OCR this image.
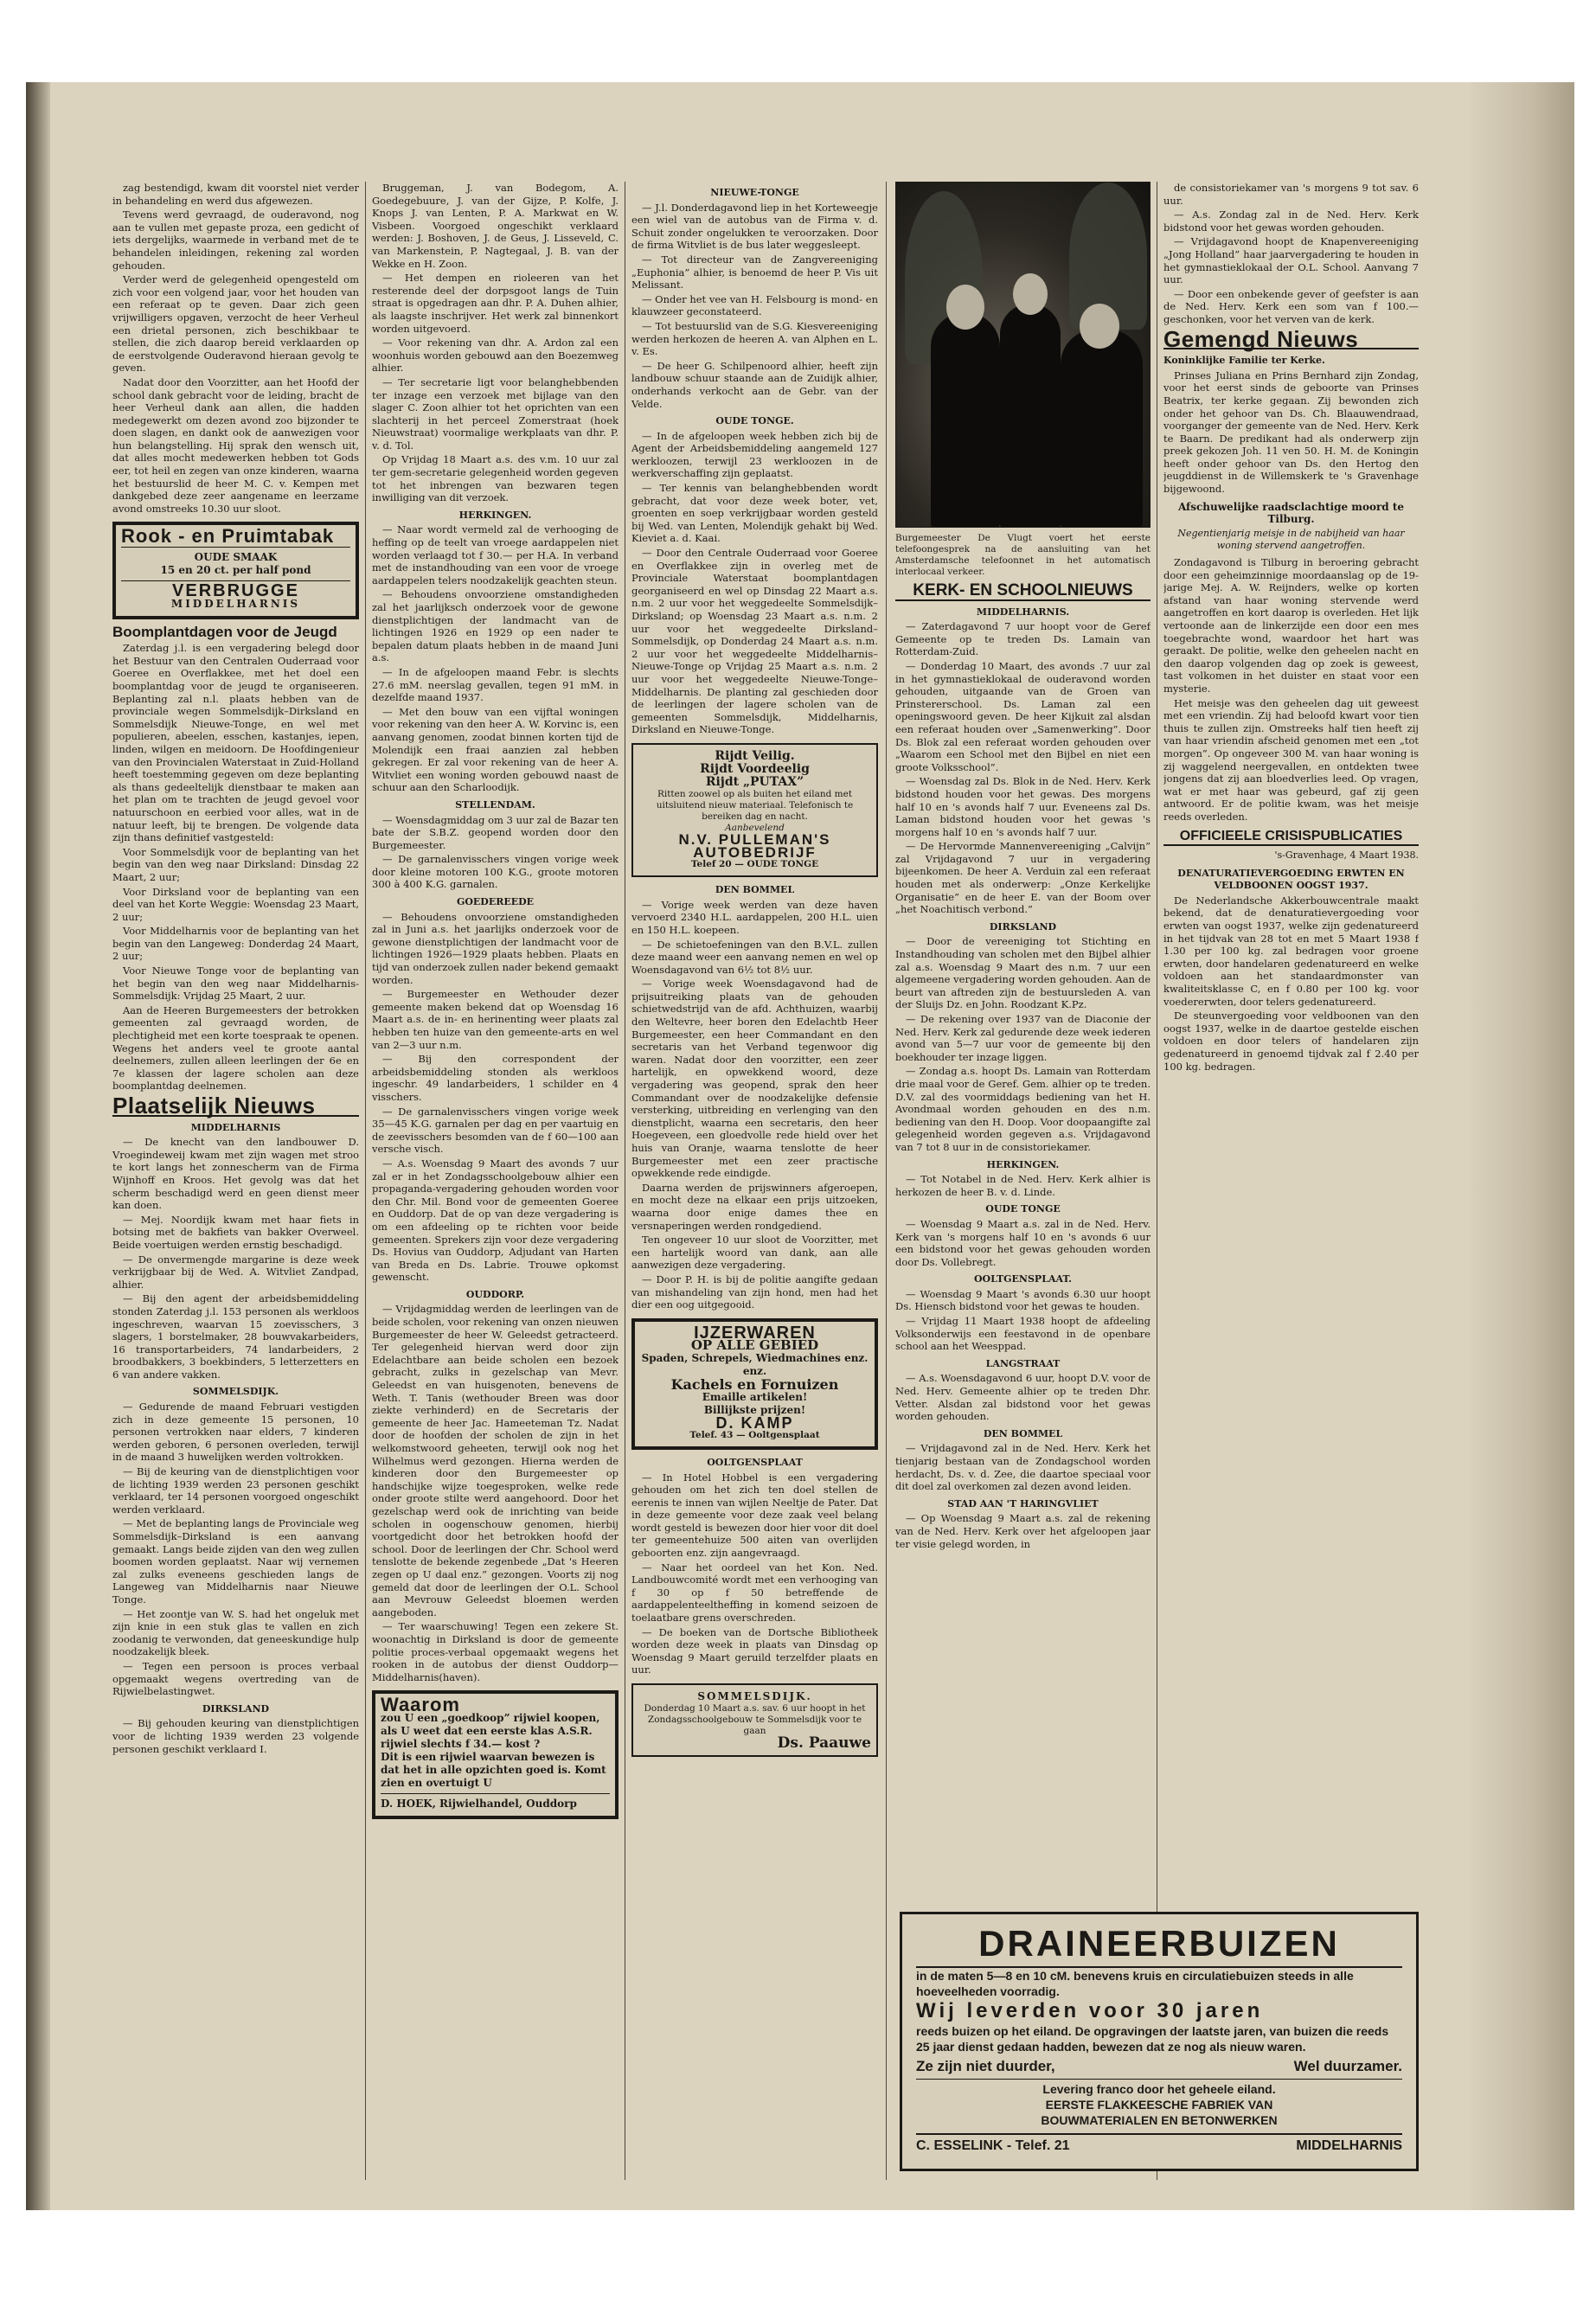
zag bestendigd, kwam dit voorstel niet verder in behandeling en werd dus afgewezen.

Tevens werd gevraagd, de ouderavond, nog aan te vullen met gepaste proza, een gedicht of iets dergelijks, waarmede in verband met de te behandelen inleidingen, rekening zal worden gehouden.

Verder werd de gelegenheid opengesteld om zich voor een volgend jaar, voor het houden van een referaat op te geven. Daar zich geen vrijwilligers opgaven, verzocht de heer Verheul een drietal personen, zich beschikbaar te stellen, die zich daarop bereid verklaarden op de eerstvolgende Ouderavond hieraan gevolg te geven.

Nadat door den Voorzitter, aan het Hoofd der school dank gebracht voor de leiding, bracht de heer Verheul dank aan allen, die hadden medegewerkt om dezen avond zoo bijzonder te doen slagen, en dankt ook de aanwezigen voor hun belangstelling. Hij sprak den wensch uit, dat alles mocht medewerken hebben tot Gods eer, tot heil en zegen van onze kinderen, waarna het bestuurslid de heer M. C. v. Kempen met dankgebed deze zeer aangename en leerzame avond omstreeks 10.30 uur sloot.

Rook - en Pruimtabak
OUDE SMAAK
15 en 20 ct. per half pond
VERBRUGGE
MIDDELHARNIS
Boomplantdagen voor de Jeugd

Zaterdag j.l. is een vergadering belegd door het Bestuur van den Centralen Ouderraad voor Goeree en Overflakkee, met het doel een boomplantdag voor de jeugd te organiseeren. Beplanting zal n.l. plaats hebben van de provinciale wegen Sommelsdijk–Dirksland en Sommelsdijk Nieuwe-Tonge, en wel met populieren, abeelen, esschen, kastanjes, iepen, linden, wilgen en meidoorn. De Hoofdingenieur van den Provincialen Waterstaat in Zuid-Holland heeft toestemming gegeven om deze beplanting als thans gedeeltelijk dienstbaar te maken aan het plan om te trachten de jeugd gevoel voor natuurschoon en eerbied voor alles, wat in de natuur leeft, bij te brengen. De volgende data zijn thans definitief vastgesteld:

Voor Sommelsdijk voor de beplanting van het begin van den weg naar Dirksland: Dinsdag 22 Maart, 2 uur;

Voor Dirksland voor de beplanting van een deel van het Korte Weggie: Woensdag 23 Maart, 2 uur;

Voor Middelharnis voor de beplanting van het begin van den Langeweg: Donderdag 24 Maart, 2 uur;

Voor Nieuwe Tonge voor de beplanting van het begin van den weg naar Middelharnis-Sommelsdijk: Vrijdag 25 Maart, 2 uur.

Aan de Heeren Burgemeesters der betrokken gemeenten zal gevraagd worden, de plechtigheid met een korte toespraak te openen. Wegens het anders veel te groote aantal deelnemers, zullen alleen leerlingen der 6e en 7e klassen der lagere scholen aan deze boomplantdag deelnemen.

Plaatselijk Nieuws
MIDDELHARNIS

— De knecht van den landbouwer D. Vroegindeweij kwam met zijn wagen met stroo te kort langs het zonnescherm van de Firma Wijnhoff en Kroos. Het gevolg was dat het scherm beschadigd werd en geen dienst meer kan doen.

— Mej. Noordijk kwam met haar fiets in botsing met de bakfiets van bakker Overweel. Beide voertuigen werden ernstig beschadigd.

— De onvermengde margarine is deze week verkrijgbaar bij de Wed. A. Witvliet Zandpad, alhier.

— Bij den agent der arbeidsbemiddeling stonden Zaterdag j.l. 153 personen als werkloos ingeschreven, waarvan 15 zoevisschers, 3 slagers, 1 borstelmaker, 28 bouwvakarbeiders, 16 transportarbeiders, 74 landarbeiders, 2 broodbakkers, 3 boekbinders, 5 letterzetters en 6 van andere vakken.

SOMMELSDIJK.

— Gedurende de maand Februari vestigden zich in deze gemeente 15 personen, 10 personen vertrokken naar elders, 7 kinderen werden geboren, 6 personen overleden, terwijl in de maand 3 huwelijken werden voltrokken.

— Bij de keuring van de dienstplichtigen voor de lichting 1939 werden 23 personen geschikt verklaard, ter 14 personen voorgoed ongeschikt werden verklaard.

— Met de beplanting langs de Provinciale weg Sommelsdijk–Dirksland is een aanvang gemaakt. Langs beide zijden van den weg zullen boomen worden geplaatst. Naar wij vernemen zal zulks eveneens geschieden langs de Langeweg van Middelharnis naar Nieuwe Tonge.

— Het zoontje van W. S. had het ongeluk met zijn knie in een stuk glas te vallen en zich zoodanig te verwonden, dat geneeskundige hulp noodzakelijk bleek.

— Tegen een persoon is proces verbaal opgemaakt wegens overtreding van de Rijwielbelastingwet.

DIRKSLAND

— Bij gehouden keuring van dienstplichtigen voor de lichting 1939 werden 23 volgende personen geschikt verklaard I.

Bruggeman, J. van Bodegom, A. Goedegebuure, J. van der Gijze, P. Kolfe, J. Knops J. van Lenten, P. A. Markwat en W. Visbeen. Voorgoed ongeschikt verklaard werden: J. Boshoven, J. de Geus, J. Lisseveld, C. van Markenstein, P. Nagtegaal, J. B. van der Wekke en H. Zoon.

— Het dempen en rioleeren van het resterende deel der dorpsgoot langs de Tuin straat is opgedragen aan dhr. P. A. Duhen alhier, als laagste inschrijver. Het werk zal binnenkort worden uitgevoerd.

— Voor rekening van dhr. A. Ardon zal een woonhuis worden gebouwd aan den Boezemweg alhier.

— Ter secretarie ligt voor belanghebbenden ter inzage een verzoek met bijlage van den slager C. Zoon alhier tot het oprichten van een slachterij in het perceel Zomerstraat (hoek Nieuwstraat) voormalige werkplaats van dhr. P. v. d. Tol.

Op Vrijdag 18 Maart a.s. des v.m. 10 uur zal ter gem-secretarie gelegenheid worden gegeven tot het inbrengen van bezwaren tegen inwilliging van dit verzoek.

HERKINGEN.

— Naar wordt vermeld zal de verhooging de heffing op de teelt van vroege aardappelen niet worden verlaagd tot f 30.— per H.A. In verband met de instandhouding van een voor de vroege aardappelen telers noodzakelijk geachten steun.

— Behoudens onvoorziene omstandigheden zal het jaarlijksch onderzoek voor de gewone dienstplichtigen der landmacht van de lichtingen 1926 en 1929 op een nader te bepalen datum plaats hebben in de maand Juni a.s.

— In de afgeloopen maand Febr. is slechts 27.6 mM. neerslag gevallen, tegen 91 mM. in dezelfde maand 1937.

— Met den bouw van een vijftal woningen voor rekening van den heer A. W. Korvinc is, een aanvang genomen, zoodat binnen korten tijd de Molendijk een fraai aanzien zal hebben gekregen. Er zal voor rekening van de heer A. Witvliet een woning worden gebouwd naast de schuur aan den Scharloodijk.

STELLENDAM.

— Woensdagmiddag om 3 uur zal de Bazar ten bate der S.B.Z. geopend worden door den Burgemeester.

— De garnalenvisschers vingen vorige week door kleine motoren 100 K.G., groote motoren 300 à 400 K.G. garnalen.

GOEDEREEDE

— Behoudens onvoorziene omstandigheden zal in Juni a.s. het jaarlijks onderzoek voor de gewone dienstplichtigen der landmacht voor de lichtingen 1926—1929 plaats hebben. Plaats en tijd van onderzoek zullen nader bekend gemaakt worden.

— Burgemeester en Wethouder dezer gemeente maken bekend dat op Woensdag 16 Maart a.s. de in- en herinenting weer plaats zal hebben ten huize van den gemeente-arts en wel van 2—3 uur n.m.

— Bij den correspondent der arbeidsbemiddeling stonden als werkloos ingeschr. 49 landarbeiders, 1 schilder en 4 visschers.

— De garnalenvisschers vingen vorige week 35—45 K.G. garnalen per dag en per vaartuig en de zeevisschers besomden van de f 60—100 aan versche visch.

— A.s. Woensdag 9 Maart des avonds 7 uur zal er in het Zondagsschoolgebouw alhier een propaganda-vergadering gehouden worden voor den Chr. Mil. Bond voor de gemeenten Goeree en Ouddorp. Dat de op van deze vergadering is om een afdeeling op te richten voor beide gemeenten. Sprekers zijn voor deze vergadering Ds. Hovius van Ouddorp, Adjudant van Harten van Breda en Ds. Labrie. Trouwe opkomst gewenscht.

OUDDORP.

— Vrijdagmiddag werden de leerlingen van de beide scholen, voor rekening van onzen nieuwen Burgemeester de heer W. Geleedst getracteerd. Ter gelegenheid hiervan werd door zijn Edelachtbare aan beide scholen een bezoek gebracht, zulks in gezelschap van Mevr. Geleedst en van huisgenoten, benevens de Weth. T. Tanis (wethouder Breen was door ziekte verhinderd) en de Secretaris der gemeente de heer Jac. Hameeteman Tz. Nadat door de hoofden der scholen de zijn in het welkomstwoord geheeten, terwijl ook nog het Wilhelmus werd gezongen. Hierna werden de kinderen door den Burgemeester op handschijke wijze toegesproken, welke rede onder groote stilte werd aangehoord. Door het gezelschap werd ook de inrichting van beide scholen in oogenschouw genomen, hierbij voortgedicht door het betrokken hoofd der school. Door de leerlingen der Chr. School werd tenslotte de bekende zegenbede „Dat 's Heeren zegen op U daal enz.” gezongen. Voorts zij nog gemeld dat door de leerlingen der O.L. School aan Mevrouw Geleedst bloemen werden aangeboden.

— Ter waarschuwing! Tegen een zekere St. woonachtig in Dirksland is door de gemeente politie proces-verbaal opgemaakt wegens het rooken in de autobus der dienst Ouddorp—Middelharnis(haven).

Waarom
zou U een „goedkoop” rijwiel koopen, als U weet dat een eerste klas A.S.R. rijwiel slechts f 34.— kost ?
Dit is een rijwiel waarvan bewezen is dat het in alle opzichten goed is. Komt zien en overtuigt U
D. HOEK, Rijwielhandel, Ouddorp
NIEUWE-TONGE

— J.l. Donderdagavond liep in het Korteweegje een wiel van de autobus van de Firma v. d. Schuit zonder ongelukken te veroorzaken. Door de firma Witvliet is de bus later weggesleept.

— Tot directeur van de Zangvereeniging „Euphonia” alhier, is benoemd de heer P. Vis uit Melissant.

— Onder het vee van H. Felsbourg is mond- en klauwzeer geconstateerd.

— Tot bestuurslid van de S.G. Kiesvereeniging werden herkozen de heeren A. van Alphen en L. v. Es.

— De heer G. Schilpenoord alhier, heeft zijn landbouw schuur staande aan de Zuidijk alhier, onderhands verkocht aan de Gebr. van der Velde.

OUDE TONGE.

— In de afgeloopen week hebben zich bij de Agent der Arbeidsbemiddeling aangemeld 127 werkloozen, terwijl 23 werkloozen in de werkverschaffing zijn geplaatst.

— Ter kennis van belanghebbenden wordt gebracht, dat voor deze week boter, vet, groenten en soep verkrijgbaar worden gesteld bij Wed. van Lenten, Molendijk gehakt bij Wed. Kieviet a. d. Kaai.

— Door den Centrale Ouderraad voor Goeree en Overflakkee zijn in overleg met de Provinciale Waterstaat boomplantdagen georganiseerd en wel op Dinsdag 22 Maart a.s. n.m. 2 uur voor het weggedeelte Sommelsdijk–Dirksland; op Woensdag 23 Maart a.s. n.m. 2 uur voor het weggedeelte Dirksland–Sommelsdijk, op Donderdag 24 Maart a.s. n.m. 2 uur voor het weggedeelte Middelharnis–Nieuwe-Tonge op Vrijdag 25 Maart a.s. n.m. 2 uur voor het weggedeelte Nieuwe-Tonge–Middelharnis. De planting zal geschieden door de leerlingen der lagere scholen van de gemeenten Sommelsdijk, Middelharnis, Dirksland en Nieuwe-Tonge.

Rijdt Veilig.
Rijdt Voordeelig
Rijdt „PUTAX”
Ritten zoowel op als buiten het eiland met uitsluitend nieuw materiaal. Telefonisch te bereiken dag en nacht.
Aanbevelend
N.V. PULLEMAN'S
AUTOBEDRIJF
Telef 20 — OUDE TONGE
DEN BOMMEL

— Vorige week werden van deze haven vervoerd 2340 H.L. aardappelen, 200 H.L. uien en 150 H.L. koepeen.

— De schietoefeningen van den B.V.L. zullen deze maand weer een aanvang nemen en wel op Woensdagavond van 6½ tot 8½ uur.

— Vorige week Woensdagavond had de prijsuitreiking plaats van de gehouden schietwedstrijd van de afd. Achthuizen, waarbij den Weltevre, heer boren den Edelachtb Heer Burgemeester, een heer Commandant en den secretaris van het Verband tegenwoor dig waren. Nadat door den voorzitter, een zeer hartelijk, en opwekkend woord, deze vergadering was geopend, sprak den heer Commandant over de noodzakelijke defensie versterking, uitbreiding en verlenging van den dienstplicht, waarna een secretaris, den heer Hoegeveen, een gloedvolle rede hield over het huis van Oranje, waarna tenslotte de heer Burgemeester met een zeer practische opwekkende rede eindigde.

Daarna werden de prijswinners afgeroepen, en mocht deze na elkaar een prijs uitzoeken, waarna door enige dames thee en versnaperingen werden rondgediend.

Ten ongeveer 10 uur sloot de Voorzitter, met een hartelijk woord van dank, aan alle aanwezigen deze vergadering.

— Door P. H. is bij de politie aangifte gedaan van mishandeling van zijn hond, men had het dier een oog uitgegooid.

IJZERWAREN
OP ALLE GEBIED
Spaden, Schrepels, Wiedmachines enz. enz.
Kachels en Fornuizen
Emaille artikelen!
Billijkste prijzen!
D. KAMP
Telef. 43 — Ooltgensplaat
OOLTGENSPLAAT

— In Hotel Hobbel is een vergadering gehouden om het zich ten doel stellen de eerenis te innen van wijlen Neeltje de Pater. Dat in deze gemeente voor deze zaak veel belang wordt gesteld is bewezen door hier voor dit doel ter gemeentehuize 500 aiten van overlijden geboorten enz. zijn aangevraagd.

— Naar het oordeel van het Kon. Ned. Landbouwcomité wordt met een verhooging van f 30 op f 50 betreffende de aardappelenteeltheffing in komend seizoen de toelaatbare grens overschreden.

— De boeken van de Dortsche Bibliotheek worden deze week in plaats van Dinsdag op Woensdag 9 Maart geruild terzelfder plaats en uur.

SOMMELSDIJK.
Donderdag 10 Maart a.s. sav. 6 uur hoopt in het Zondagsschoolgebouw te Sommelsdijk voor te gaan
Ds. Paauwe
Burgemeester De Vlugt voert het eerste telefoongesprek na de aansluiting van het Amsterdamsche telefoonnet in het automatisch interlocaal verkeer.
KERK- EN SCHOOLNIEUWS
MIDDELHARNIS.

— Zaterdagavond 7 uur hoopt voor de Geref Gemeente op te treden Ds. Lamain van Rotterdam-Zuid.

— Donderdag 10 Maart, des avonds .7 uur zal in het gymnastieklokaal de ouderavond worden gehouden, uitgaande van de Groen van Prinstererschool. Ds. Laman zal een openingswoord geven. De heer Kijkuit zal alsdan een referaat houden over „Samenwerking”. Door Ds. Blok zal een referaat worden gehouden over „Waarom een School met den Bijbel en niet een groote Volksschool”.

— Woensdag zal Ds. Blok in de Ned. Herv. Kerk bidstond houden voor het gewas. Des morgens half 10 en 's avonds half 7 uur. Eveneens zal Ds. Laman bidstond houden voor het gewas 's morgens half 10 en 's avonds half 7 uur.

— De Hervormde Mannenvereeniging „Calvijn” zal Vrijdagavond 7 uur in vergadering bijeenkomen. De heer A. Verduin zal een referaat houden met als onderwerp: „Onze Kerkelijke Organisatie” en de heer E. van der Boom over „het Noachitisch verbond.”

DIRKSLAND

— Door de vereeniging tot Stichting en Instandhouding van scholen met den Bijbel alhier zal a.s. Woensdag 9 Maart des n.m. 7 uur een algemeene vergadering worden gehouden. Aan de beurt van aftreden zijn de bestuursleden A. van der Sluijs Dz. en John. Roodzant K.Pz.

— De rekening over 1937 van de Diaconie der Ned. Herv. Kerk zal gedurende deze week iederen avond van 5—7 uur voor de gemeente bij den boekhouder ter inzage liggen.

— Zondag a.s. hoopt Ds. Lamain van Rotterdam drie maal voor de Geref. Gem. alhier op te treden. D.V. zal des voormiddags bediening van het H. Avondmaal worden gehouden en des n.m. bediening van den H. Doop. Voor doopaangifte zal gelegenheid worden gegeven a.s. Vrijdagavond van 7 tot 8 uur in de consistoriekamer.

HERKINGEN.

— Tot Notabel in de Ned. Herv. Kerk alhier is herkozen de heer B. v. d. Linde.

OUDE TONGE

— Woensdag 9 Maart a.s. zal in de Ned. Herv. Kerk van 's morgens half 10 en 's avonds 6 uur een bidstond voor het gewas gehouden worden door Ds. Vollebregt.

OOLTGENSPLAAT.

— Woensdag 9 Maart 's avonds 6.30 uur hoopt Ds. Hiensch bidstond voor het gewas te houden.

— Vrijdag 11 Maart 1938 hoopt de afdeeling Volksonderwijs een feestavond in de openbare school aan het Weesppad.

LANGSTRAAT

— A.s. Woensdagavond 6 uur, hoopt D.V. voor de Ned. Herv. Gemeente alhier op te treden Dhr. Vetter. Alsdan zal bidstond voor het gewas worden gehouden.

DEN BOMMEL

— Vrijdagavond zal in de Ned. Herv. Kerk het tienjarig bestaan van de Zondagschool worden herdacht, Ds. v. d. Zee, die daartoe speciaal voor dit doel zal overkomen zal dezen avond leiden.

STAD AAN 'T HARINGVLIET

— Op Woensdag 9 Maart a.s. zal de rekening van de Ned. Herv. Kerk over het afgeloopen jaar ter visie gelegd worden, in

de consistoriekamer van 's morgens 9 tot sav. 6 uur.

— A.s. Zondag zal in de Ned. Herv. Kerk bidstond voor het gewas worden gehouden.

— Vrijdagavond hoopt de Knapenvereeniging „Jong Holland” haar jaarvergadering te houden in het gymnastieklokaal der O.L. School. Aanvang 7 uur.

— Door een onbekende gever of geefster is aan de Ned. Herv. Kerk een som van f 100.— geschonken, voor het verven van de kerk.

Gemengd Nieuws
Koninklijke Familie ter Kerke.

Prinses Juliana en Prins Bernhard zijn Zondag, voor het eerst sinds de geboorte van Prinses Beatrix, ter kerke gegaan. Zij bewonden zich onder het gehoor van Ds. Ch. Blaauwendraad, voorganger der gemeente van de Ned. Herv. Kerk te Baarn. De predikant had als onderwerp zijn preek gekozen Joh. 11 ven 50. H. M. de Koningin heeft onder gehoor van Ds. den Hertog den jeugddienst in de Willemskerk te 's Gravenhage bijgewoond.

Afschuwelijke raadsclachtige moord te Tilburg.
Negentienjarig meisje in de nabijheid van haar woning stervend aangetroffen.

Zondagavond is Tilburg in beroering gebracht door een geheimzinnige moordaanslag op de 19-jarige Mej. A. W. Reijnders, welke op korten afstand van haar woning stervende werd aangetroffen en kort daarop is overleden. Het lijk vertoonde aan de linkerzijde een door een mes toegebrachte wond, waardoor het hart was geraakt. De politie, welke den geheelen nacht en den daarop volgenden dag op zoek is geweest, tast volkomen in het duister en staat voor een mysterie.

Het meisje was den geheelen dag uit geweest met een vriendin. Zij had beloofd kwart voor tien thuis te zullen zijn. Omstreeks half tien heeft zij van haar vriendin afscheid genomen met een „tot morgen”. Op ongeveer 300 M. van haar woning is zij waggelend neergevallen, en ontdekten twee jongens dat zij aan bloedverlies leed. Op vragen, wat er met haar was gebeurd, gaf zij geen antwoord. Er de politie kwam, was het meisje reeds overleden.

OFFICIEELE CRISISPUBLICATIES
's-Gravenhage, 4 Maart 1938.
DENATURATIEVERGOEDING ERWTEN EN VELDBOONEN OOGST 1937.

De Nederlandsche Akkerbouwcentrale maakt bekend, dat de denaturatievergoeding voor erwten van oogst 1937, welke zijn gedenatureerd in het tijdvak van 28 tot en met 5 Maart 1938 f 1.30 per 100 kg. zal bedragen voor groene erwten, door handelaren gedenatureerd en welke voldoen aan het standaardmonster van kwaliteitsklasse C, en f 0.80 per 100 kg. voor voedererwten, door telers gedenatureerd.

De steunvergoeding voor veldboonen van den oogst 1937, welke in de daartoe gestelde eischen voldoen en door telers of handelaren zijn gedenatureerd in genoemd tijdvak zal f 2.40 per 100 kg. bedragen.

DRAINEERBUIZEN
in de maten 5—8 en 10 cM. benevens kruis en circulatiebuizen steeds in alle hoeveelheden voorradig.
Wij leverden voor 30 jaren
reeds buizen op het eiland. De opgravingen der laatste jaren, van buizen die reeds 25 jaar dienst gedaan hadden, bewezen dat ze nog als nieuw waren.
Ze zijn niet duurder,	Wel duurzamer.
Levering franco door het geheele eiland.
EERSTE FLAKKEESCHE FABRIEK VAN
BOUWMATERIALEN EN BETONWERKEN
C. ESSELINK - Telef. 21	MIDDELHARNIS
